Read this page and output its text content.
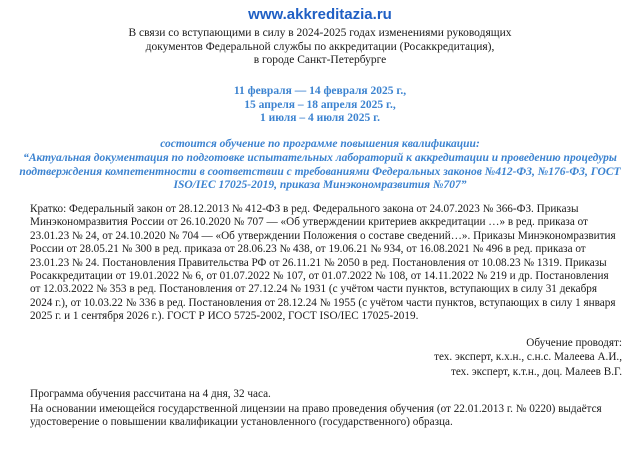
www.akkreditazia.ru
В связи со вступающими в силу в 2024-2025 годах изменениями руководящих
документов Федеральной службы по аккредитации (Росаккредитация),
в городе Санкт-Петербурге
11 февраля — 14 февраля 2025 г.,
15 апреля – 18 апреля 2025 г.,
1 июля – 4 июля 2025 г.
состоится обучение по программе повышения квалификации:
“Актуальная документация по подготовке испытательных лабораторий к аккредитации и проведению процедуры
подтверждения компетентности в соответствии с требованиями Федеральных законов №412-ФЗ, №176-ФЗ, ГОСТ
ISO/IEC 17025-2019, приказа Минэкономразвития №707”
Кратко: Федеральный закон от 28.12.2013 № 412-ФЗ в ред. Федерального закона от 24.07.2023 № 366-ФЗ. Приказы
Минэкономразвития России от 26.10.2020 № 707 — «Об утверждении критериев аккредитации …» в ред. приказа от
23.01.23 № 24, от 24.10.2020 № 704 — «Об утверждении Положения о составе сведений…». Приказы Минэкономразвития
России от 28.05.21 № 300 в ред. приказа от 28.06.23 № 438, от 19.06.21 № 934, от 16.08.2021 № 496 в ред. приказа от
23.01.23 № 24. Постановления Правительства РФ от 26.11.21 № 2050 в ред. Постановления от 10.08.23 № 1319. Приказы
Росаккредитации от 19.01.2022 № 6, от 01.07.2022 № 107, от 01.07.2022 № 108, от 14.11.2022 № 219 и др. Постановления
от 12.03.2022 № 353 в ред. Постановления от 27.12.24 № 1931 (с учётом части пунктов, вступающих в силу 31 декабря
2024 г.), от 10.03.22 № 336 в ред. Постановления от 28.12.24 № 1955 (с учётом части пунктов, вступающих в силу 1 января
2025 г. и 1 сентября 2026 г.). ГОСТ Р ИСО 5725-2002, ГОСТ ISO/IEC 17025-2019.
Обучение проводят:
тех. эксперт, к.х.н., с.н.с. Малеева А.И.,
тех. эксперт, к.т.н., доц. Малеев В.Г.
Программа обучения рассчитана на 4 дня, 32 часа.
На основании имеющейся государственной лицензии на право проведения обучения (от 22.01.2013 г. № 0220) выдаётся
удостоверение о повышении квалификации установленного (государственного) образца.
